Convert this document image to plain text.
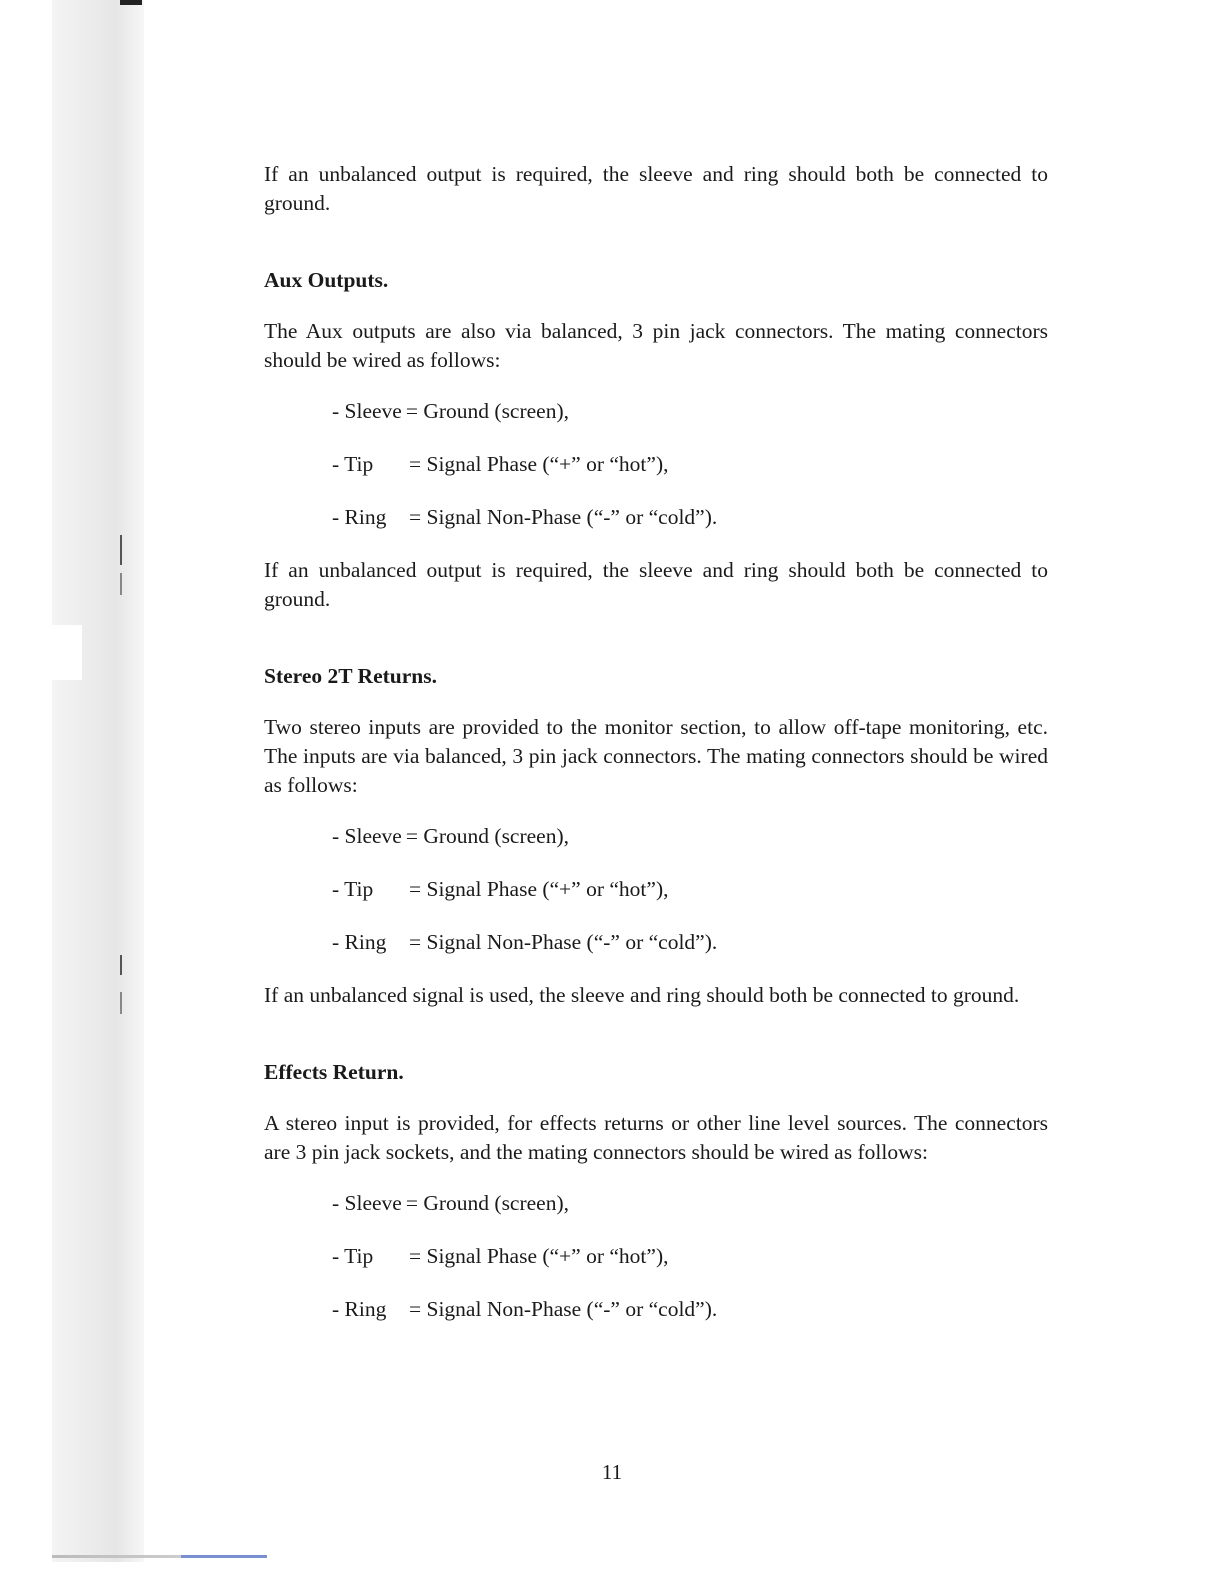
If an unbalanced output is required, the sleeve and ring should both be connected to ground.

Aux Outputs.

The Aux outputs are also via balanced, 3 pin jack connectors. The mating connectors should be wired as follows:

- Sleeve = Ground (screen),
- Tip	= Signal Phase (“+” or “hot”),
- Ring	= Signal Non-Phase (“-” or “cold”).

If an unbalanced output is required, the sleeve and ring should both be connected to ground.

Stereo 2T Returns.

Two stereo inputs are provided to the monitor section, to allow off-tape monitoring, etc. The inputs are via balanced, 3 pin jack connectors. The mating connectors should be wired as follows:

- Sleeve = Ground (screen),
- Tip	= Signal Phase (“+” or “hot”),
- Ring	= Signal Non-Phase (“-” or “cold”).

If an unbalanced signal is used, the sleeve and ring should both be connected to ground.

Effects Return.

A stereo input is provided, for effects returns or other line level sources. The connectors are 3 pin jack sockets, and the mating connectors should be wired as follows:

- Sleeve = Ground (screen),
- Tip	= Signal Phase (“+” or “hot”),
- Ring	= Signal Non-Phase (“-” or “cold”).
11
